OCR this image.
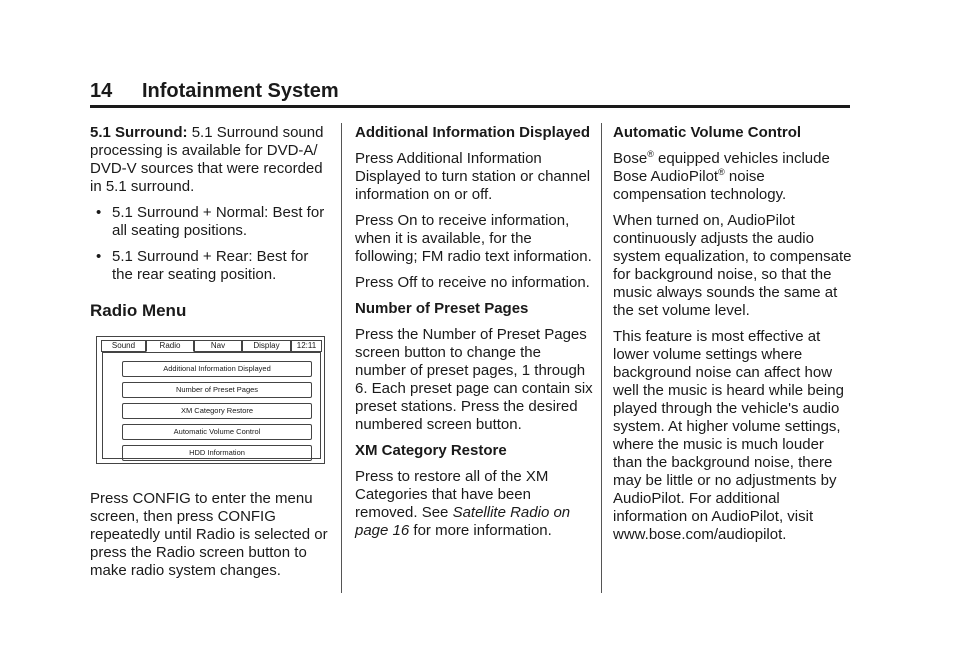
14 Infotainment System

5.1 Surround: 5.1 Surround sound processing is available for DVD-A/ DVD-V sources that were recorded in 5.1 surround.

• 5.1 Surround + Normal: Best for all seating positions.
• 5.1 Surround + Rear: Best for the rear seating position.
Radio Menu
Sound	Radio	Nav	Display	12:11
Additional Information Displayed
Number of Preset Pages
XM Category Restore
Automatic Volume Control
HDD Information

Press CONFIG to enter the menu screen, then press CONFIG repeatedly until Radio is selected or press the Radio screen button to make radio system changes.

Additional Information Displayed

Press Additional Information Displayed to turn station or channel information on or off.

Press On to receive information, when it is available, for the following; FM radio text information.

Press Off to receive no information.

Number of Preset Pages

Press the Number of Preset Pages screen button to change the number of preset pages, 1 through 6. Each preset page can contain six preset stations. Press the desired numbered screen button.

XM Category Restore

Press to restore all of the XM Categories that have been removed. See Satellite Radio on page 16 for more information.

Automatic Volume Control

Bose® equipped vehicles include Bose AudioPilot® noise compensation technology.

When turned on, AudioPilot continuously adjusts the audio system equalization, to compensate for background noise, so that the music always sounds the same at the set volume level.

This feature is most effective at lower volume settings where background noise can affect how well the music is heard while being played through the vehicle's audio system. At higher volume settings, where the music is much louder than the background noise, there may be little or no adjustments by AudioPilot. For additional information on AudioPilot, visit www.bose.com/audiopilot.
